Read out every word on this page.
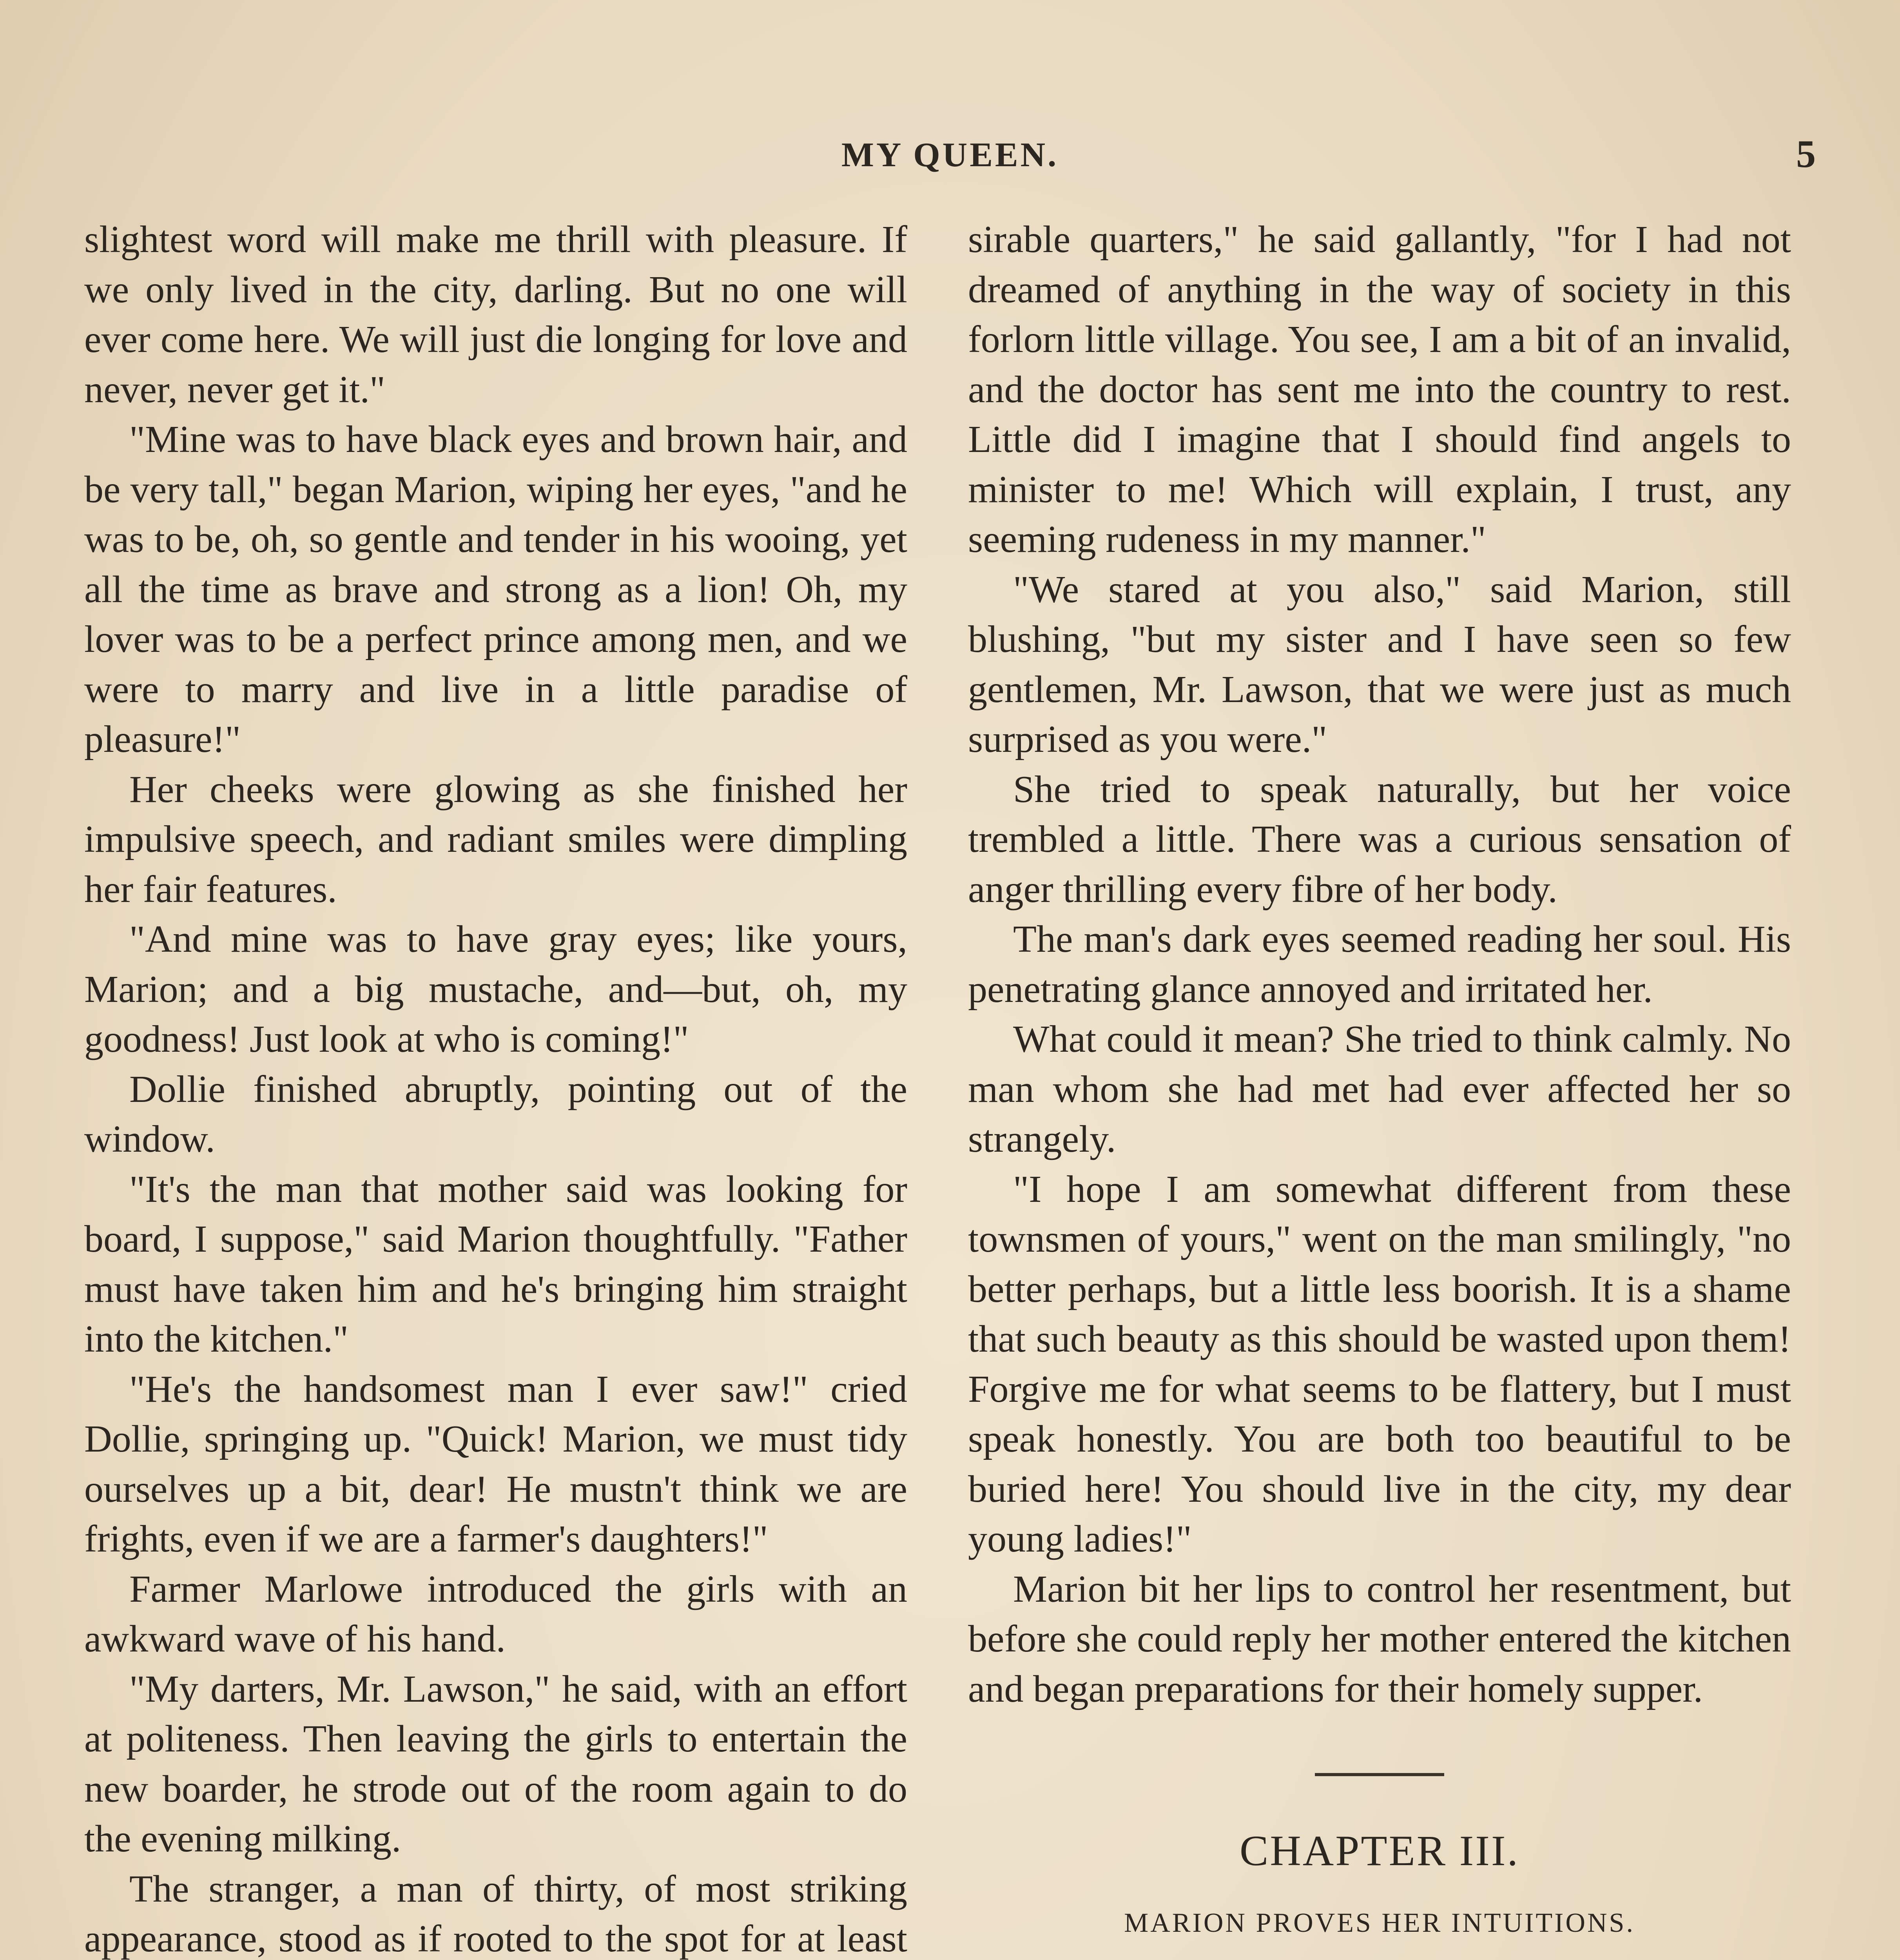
MY QUEEN.	5

slightest word will make me thrill with pleasure. If we only lived in the city, darling. But no one will ever come here. We will just die longing for love and never, never get it."

"Mine was to have black eyes and brown hair, and be very tall," began Marion, wiping her eyes, "and he was to be, oh, so gentle and tender in his wooing, yet all the time as brave and strong as a lion! Oh, my lover was to be a perfect prince among men, and we were to marry and live in a little paradise of pleasure!"

Her cheeks were glowing as she finished her impulsive speech, and radiant smiles were dimpling her fair features.

"And mine was to have gray eyes; like yours, Marion; and a big mustache, and—but, oh, my goodness! Just look at who is coming!"

Dollie finished abruptly, pointing out of the window.

"It's the man that mother said was looking for board, I suppose," said Marion thoughtfully. "Father must have taken him and he's bringing him straight into the kitchen."

"He's the handsomest man I ever saw!" cried Dollie, springing up. "Quick! Marion, we must tidy ourselves up a bit, dear! He mustn't think we are frights, even if we are a farmer's daughters!"

Farmer Marlowe introduced the girls with an awkward wave of his hand.

"My darters, Mr. Lawson," he said, with an effort at politeness. Then leaving the girls to entertain the new boarder, he strode out of the room again to do the evening milking.

The stranger, a man of thirty, of most striking appearance, stood as if rooted to the spot for at least

sirable quarters," he said gallantly, "for I had not dreamed of anything in the way of society in this forlorn little village. You see, I am a bit of an invalid, and the doctor has sent me into the country to rest. Little did I imagine that I should find angels to minister to me! Which will explain, I trust, any seeming rudeness in my manner."

"We stared at you also," said Marion, still blushing, "but my sister and I have seen so few gentlemen, Mr. Lawson, that we were just as much surprised as you were."

She tried to speak naturally, but her voice trembled a little. There was a curious sensation of anger thrilling every fibre of her body.

The man's dark eyes seemed reading her soul. His penetrating glance annoyed and irritated her.

What could it mean? She tried to think calmly. No man whom she had met had ever affected her so strangely.

"I hope I am somewhat different from these townsmen of yours," went on the man smilingly, "no better perhaps, but a little less boorish. It is a shame that such beauty as this should be wasted upon them! Forgive me for what seems to be flattery, but I must speak honestly. You are both too beautiful to be buried here! You should live in the city, my dear young ladies!"

Marion bit her lips to control her resentment, but before she could reply her mother entered the kitchen and began preparations for their homely supper.

CHAPTER III.
MARION PROVES HER INTUITIONS.
